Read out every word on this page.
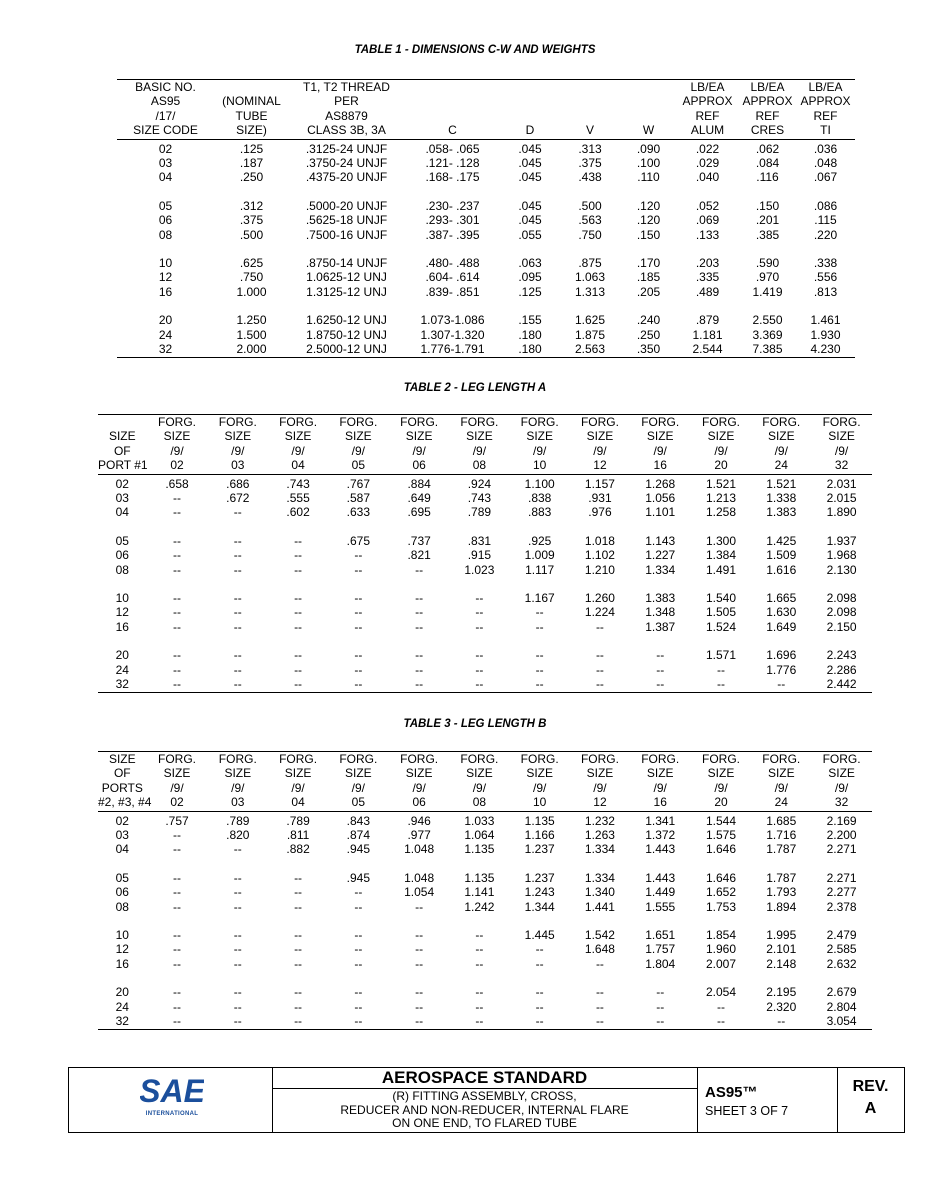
TABLE 1 - DIMENSIONS C-W AND WEIGHTS
BASIC NO.		T1, T2 THREAD					LB/EA	LB/EA	LB/EA
AS95	(NOMINAL	PER					APPROX	APPROX	APPROX
/17/	TUBE	AS8879					REF	REF	REF
SIZE CODE	SIZE)	CLASS 3B, 3A	C	D	V	W	ALUM	CRES	TI
02	.125	.3125-24 UNJF	.058- .065	.045	.313	.090	.022	.062	.036
03	.187	.3750-24 UNJF	.121- .128	.045	.375	.100	.029	.084	.048
04	.250	.4375-20 UNJF	.168- .175	.045	.438	.110	.040	.116	.067

05	.312	.5000-20 UNJF	.230- .237	.045	.500	.120	.052	.150	.086
06	.375	.5625-18 UNJF	.293- .301	.045	.563	.120	.069	.201	.115
08	.500	.7500-16 UNJF	.387- .395	.055	.750	.150	.133	.385	.220

10	.625	.8750-14 UNJF	.480- .488	.063	.875	.170	.203	.590	.338
12	.750	1.0625-12 UNJ	.604- .614	.095	1.063	.185	.335	.970	.556
16	1.000	1.3125-12 UNJ	.839- .851	.125	1.313	.205	.489	1.419	.813

20	1.250	1.6250-12 UNJ	1.073-1.086	.155	1.625	.240	.879	2.550	1.461
24	1.500	1.8750-12 UNJ	1.307-1.320	.180	1.875	.250	1.181	3.369	1.930
32	2.000	2.5000-12 UNJ	1.776-1.791	.180	2.563	.350	2.544	7.385	4.230
TABLE 2 - LEG LENGTH A
	FORG.	FORG.	FORG.	FORG.	FORG.	FORG.	FORG.	FORG.	FORG.	FORG.	FORG.	FORG.
SIZE	SIZE	SIZE	SIZE	SIZE	SIZE	SIZE	SIZE	SIZE	SIZE	SIZE	SIZE	SIZE
OF	/9/	/9/	/9/	/9/	/9/	/9/	/9/	/9/	/9/	/9/	/9/	/9/
PORT #1	02	03	04	05	06	08	10	12	16	20	24	32
02	.658	.686	.743	.767	.884	.924	1.100	1.157	1.268	1.521	1.521	2.031
03	--	.672	.555	.587	.649	.743	.838	.931	1.056	1.213	1.338	2.015
04	--	--	.602	.633	.695	.789	.883	.976	1.101	1.258	1.383	1.890

05	--	--	--	.675	.737	.831	.925	1.018	1.143	1.300	1.425	1.937
06	--	--	--	--	.821	.915	1.009	1.102	1.227	1.384	1.509	1.968
08	--	--	--	--	--	1.023	1.117	1.210	1.334	1.491	1.616	2.130

10	--	--	--	--	--	--	1.167	1.260	1.383	1.540	1.665	2.098
12	--	--	--	--	--	--	--	1.224	1.348	1.505	1.630	2.098
16	--	--	--	--	--	--	--	--	1.387	1.524	1.649	2.150

20	--	--	--	--	--	--	--	--	--	1.571	1.696	2.243
24	--	--	--	--	--	--	--	--	--	--	1.776	2.286
32	--	--	--	--	--	--	--	--	--	--	--	2.442
TABLE 3 - LEG LENGTH B
SIZE	FORG.	FORG.	FORG.	FORG.	FORG.	FORG.	FORG.	FORG.	FORG.	FORG.	FORG.	FORG.
OF	SIZE	SIZE	SIZE	SIZE	SIZE	SIZE	SIZE	SIZE	SIZE	SIZE	SIZE	SIZE
PORTS	/9/	/9/	/9/	/9/	/9/	/9/	/9/	/9/	/9/	/9/	/9/	/9/
#2, #3, #4	02	03	04	05	06	08	10	12	16	20	24	32
02	.757	.789	.789	.843	.946	1.033	1.135	1.232	1.341	1.544	1.685	2.169
03	--	.820	.811	.874	.977	1.064	1.166	1.263	1.372	1.575	1.716	2.200
04	--	--	.882	.945	1.048	1.135	1.237	1.334	1.443	1.646	1.787	2.271

05	--	--	--	.945	1.048	1.135	1.237	1.334	1.443	1.646	1.787	2.271
06	--	--	--	--	1.054	1.141	1.243	1.340	1.449	1.652	1.793	2.277
08	--	--	--	--	--	1.242	1.344	1.441	1.555	1.753	1.894	2.378

10	--	--	--	--	--	--	1.445	1.542	1.651	1.854	1.995	2.479
12	--	--	--	--	--	--	--	1.648	1.757	1.960	2.101	2.585
16	--	--	--	--	--	--	--	--	1.804	2.007	2.148	2.632

20	--	--	--	--	--	--	--	--	--	2.054	2.195	2.679
24	--	--	--	--	--	--	--	--	--	--	2.320	2.804
32	--	--	--	--	--	--	--	--	--	--	--	3.054
SAE
INTERNATIONAL
AEROSPACE STANDARD
(R) FITTING ASSEMBLY, CROSS,
REDUCER AND NON-REDUCER, INTERNAL FLARE
ON ONE END, TO FLARED TUBE
AS95™
SHEET 3 OF 7
REV.
A
